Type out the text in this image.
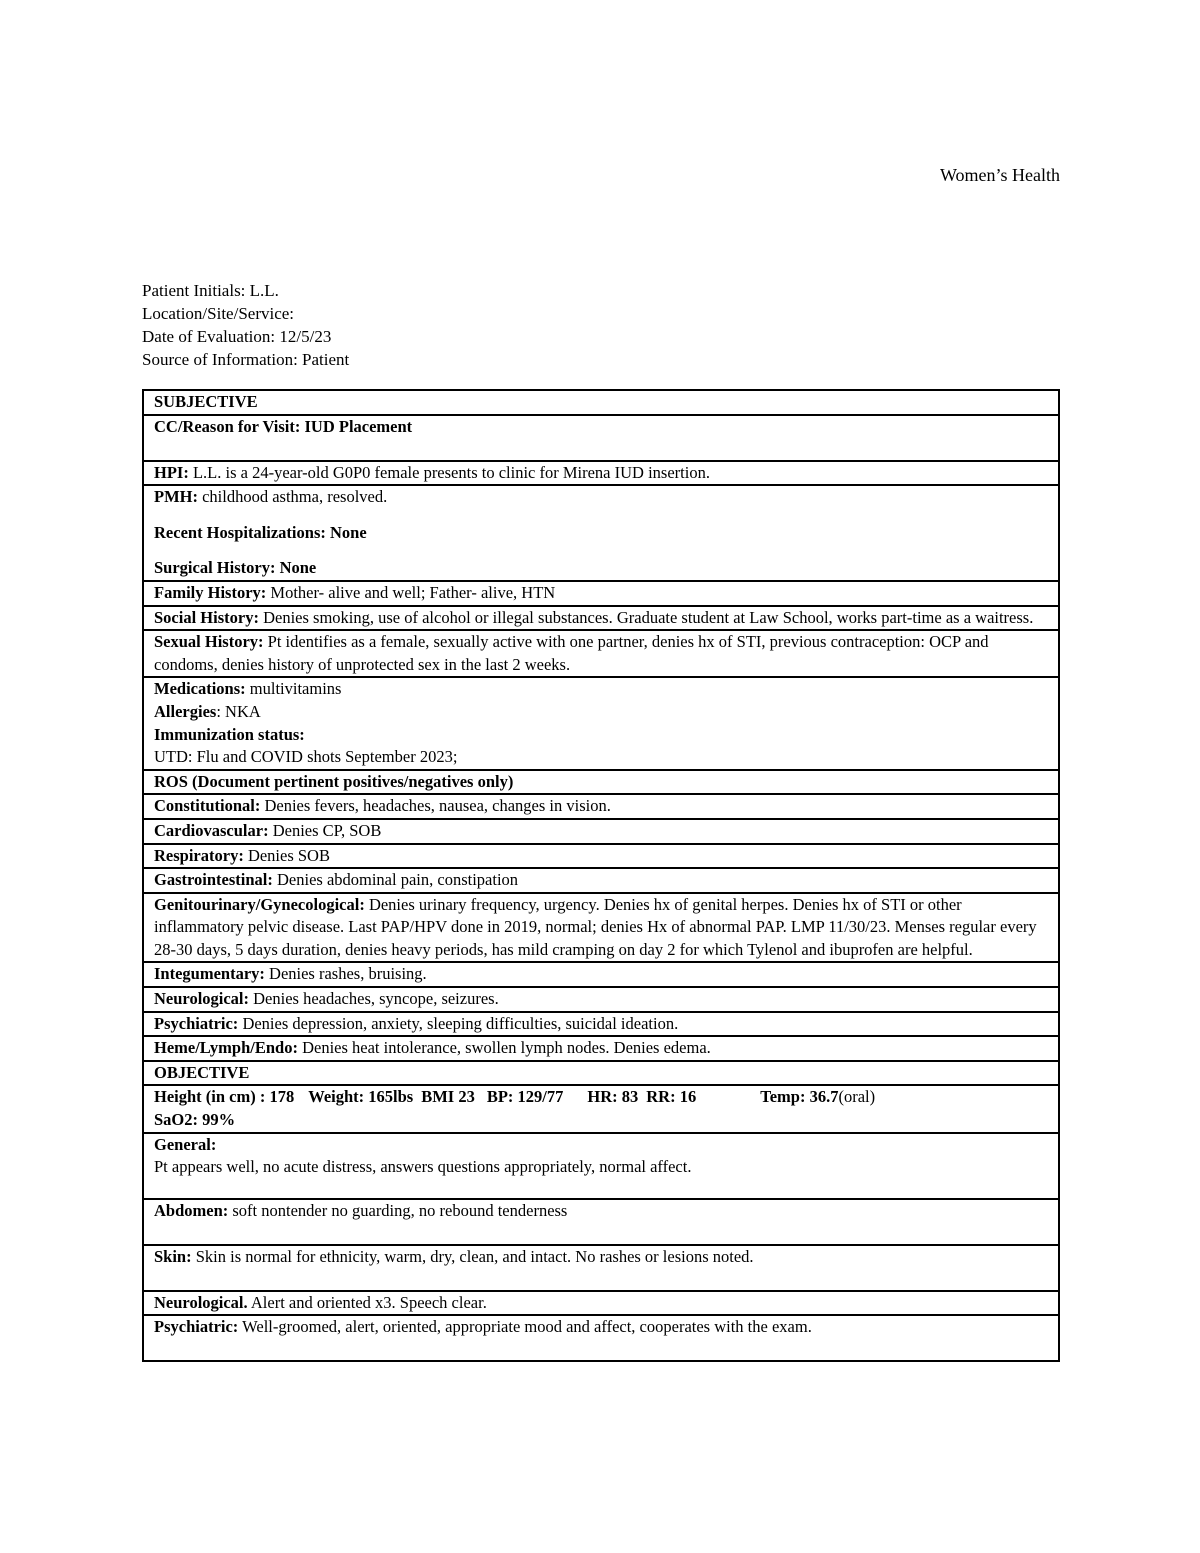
Women’s Health
Patient Initials: L.L.
Location/Site/Service:
Date of Evaluation: 12/5/23
Source of Information: Patient
SUBJECTIVE
CC/Reason for Visit: IUD Placement
HPI: L.L. is a 24-year-old G0P0 female presents to clinic for Mirena IUD insertion.

PMH: childhood asthma, resolved.
Recent Hospitalizations: None
Surgical History: None

Family History: Mother- alive and well; Father- alive, HTN
Social History: Denies smoking, use of alcohol or illegal substances. Graduate student at Law School, works part-time as a waitress.
Sexual History: Pt identifies as a female, sexually active with one partner, denies hx of STI, previous contraception: OCP and condoms, denies history of unprotected sex in the last 2 weeks.

Medications: multivitamins
Allergies: NKA
Immunization status:
UTD: Flu and COVID shots September 2023;

ROS (Document pertinent positives/negatives only)
Constitutional: Denies fevers, headaches, nausea, changes in vision.
Cardiovascular: Denies CP, SOB
Respiratory: Denies SOB
Gastrointestinal: Denies abdominal pain, constipation
Genitourinary/Gynecological: Denies urinary frequency, urgency. Denies hx of genital herpes. Denies hx of STI or other inflammatory pelvic disease. Last PAP/HPV done in 2019, normal; denies Hx of abnormal PAP. LMP 11/30/23. Menses regular every 28-30 days, 5 days duration, denies heavy periods, has mild cramping on day 2 for which Tylenol and ibuprofen are helpful.
Integumentary: Denies rashes, bruising.
Neurological: Denies headaches, syncope, seizures.
Psychiatric: Denies depression, anxiety, sleeping difficulties, suicidal ideation.
Heme/Lymph/Endo: Denies heat intolerance, swollen lymph nodes. Denies edema.
OBJECTIVE

Height (in cm) : 178 Weight: 165lbs BMI 23 BP: 129/77 HR: 83 RR: 16	Temp: 36.7(oral)
SaO2: 99%

General:
Pt appears well, no acute distress, answers questions appropriately, normal affect.

Abdomen: soft nontender no guarding, no rebound tenderness
Skin: Skin is normal for ethnicity, warm, dry, clean, and intact. No rashes or lesions noted.
Neurological. Alert and oriented x3. Speech clear.
Psychiatric: Well-groomed, alert, oriented, appropriate mood and affect, cooperates with the exam.
